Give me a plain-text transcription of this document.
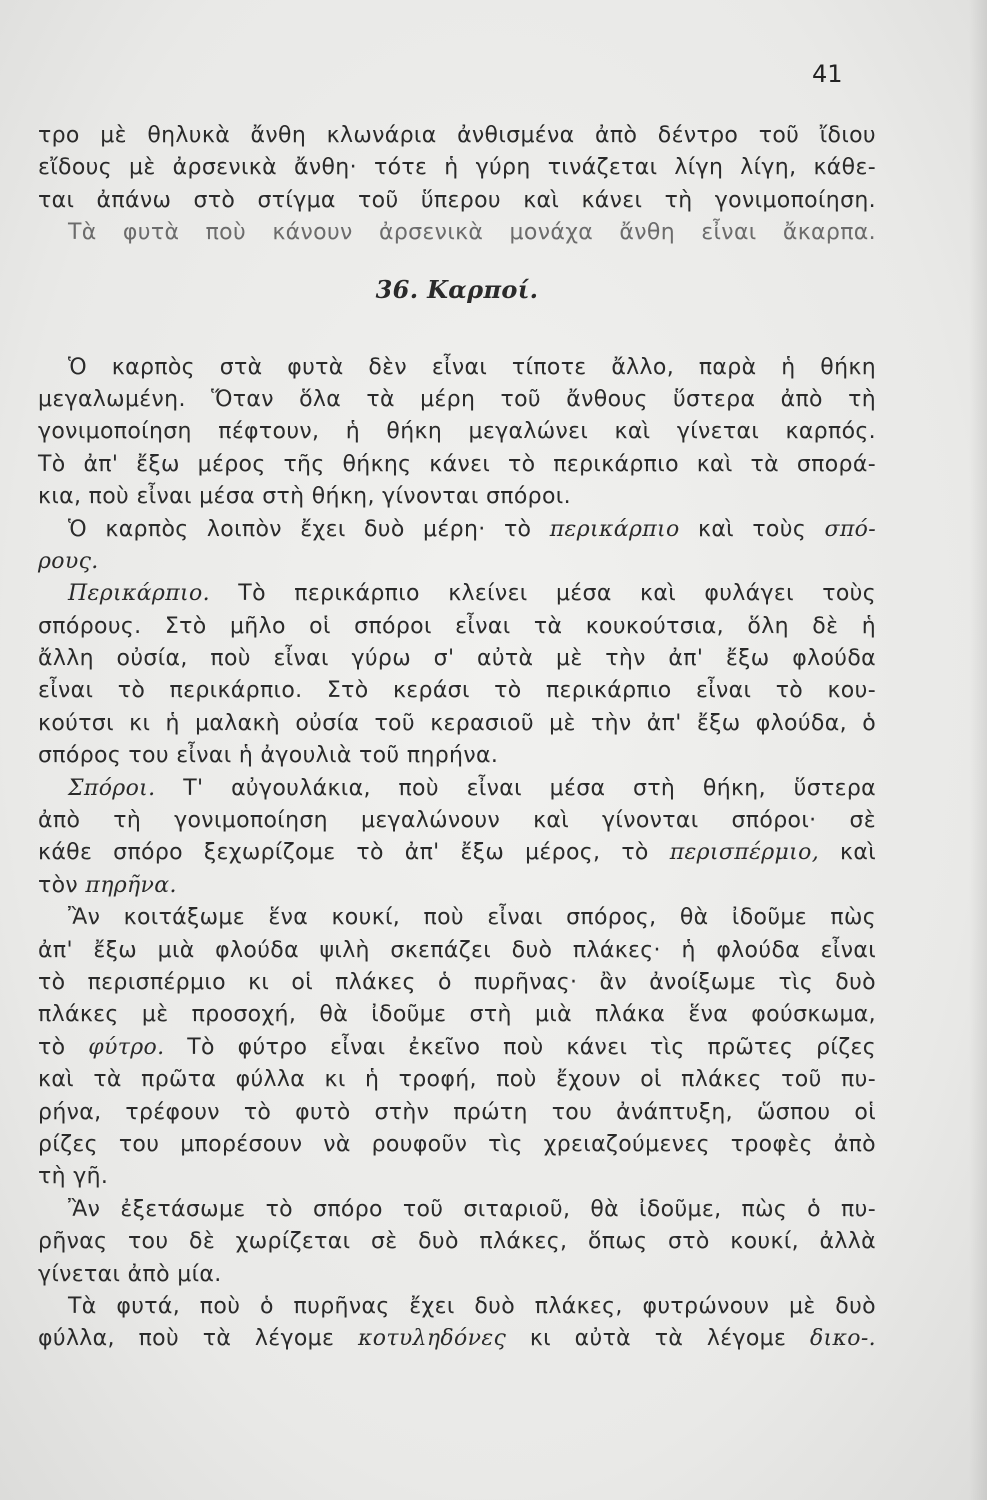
41
τρο μὲ θηλυκὰ ἄνθη κλωνάρια ἀνθισμένα ἀπὸ δέντρο τοῦ ἴδιου
εἴδους μὲ ἀρσενικὰ ἄνθη· τότε ἡ γύρη τινάζεται λίγη λίγη, κάθε-
ται ἀπάνω στὸ στίγμα τοῦ ὕπερου καὶ κάνει τὴ γονιμοποίηση.
Τὰ φυτὰ ποὺ κάνουν ἀρσενικὰ μονάχα ἄνθη εἶναι ἄκαρπα.
36. Καρποί.
Ὁ καρπὸς στὰ φυτὰ δὲν εἶναι τίποτε ἄλλο, παρὰ ἡ θήκη
μεγαλωμένη. Ὅταν ὅλα τὰ μέρη τοῦ ἄνθους ὕστερα ἀπὸ τὴ
γονιμοποίηση πέφτουν, ἡ θήκη μεγαλώνει καὶ γίνεται καρπός.
Τὸ ἀπ' ἔξω μέρος τῆς θήκης κάνει τὸ περικάρπιο καὶ τὰ σπορά-
κια, ποὺ εἶναι μέσα στὴ θήκη, γίνονται σπόροι.
Ὁ καρπὸς λοιπὸν ἔχει δυὸ μέρη· τὸ περικάρπιο καὶ τοὺς σπό-
ρους.
Περικάρπιο. Τὸ περικάρπιο κλείνει μέσα καὶ φυλάγει τοὺς
σπόρους. Στὸ μῆλο οἱ σπόροι εἶναι τὰ κουκούτσια, ὅλη δὲ ἡ
ἄλλη οὐσία, ποὺ εἶναι γύρω σ' αὐτὰ μὲ τὴν ἀπ' ἔξω φλούδα
εἶναι τὸ περικάρπιο. Στὸ κεράσι τὸ περικάρπιο εἶναι τὸ κου-
κούτσι κι ἡ μαλακὴ οὐσία τοῦ κερασιοῦ μὲ τὴν ἀπ' ἔξω φλούδα, ὁ
σπόρος του εἶναι ἡ ἀγουλιὰ τοῦ πηρήνα.
Σπόροι. Τ' αὐγουλάκια, ποὺ εἶναι μέσα στὴ θήκη, ὕστερα
ἀπὸ τὴ γονιμοποίηση μεγαλώνουν καὶ γίνονται σπόροι· σὲ
κάθε σπόρο ξεχωρίζομε τὸ ἀπ' ἔξω μέρος, τὸ περισπέρμιο, καὶ
τὸν πηρῆνα.
Ἂν κοιτάξωμε ἕνα κουκί, ποὺ εἶναι σπόρος, θὰ ἰδοῦμε πὼς
ἀπ' ἔξω μιὰ φλούδα ψιλὴ σκεπάζει δυὸ πλάκες· ἡ φλούδα εἶναι
τὸ περισπέρμιο κι οἱ πλάκες ὁ πυρῆνας· ἂν ἀνοίξωμε τὶς δυὸ
πλάκες μὲ προσοχή, θὰ ἰδοῦμε στὴ μιὰ πλάκα ἕνα φούσκωμα,
τὸ φύτρο. Τὸ φύτρο εἶναι ἐκεῖνο ποὺ κάνει τὶς πρῶτες ρίζες
καὶ τὰ πρῶτα φύλλα κι ἡ τροφή, ποὺ ἔχουν οἱ πλάκες τοῦ πυ-
ρήνα, τρέφουν τὸ φυτὸ στὴν πρώτη του ἀνάπτυξη, ὥσπου οἱ
ρίζες του μπορέσουν νὰ ρουφοῦν τὶς χρειαζούμενες τροφὲς ἀπὸ
τὴ γῆ.
Ἂν ἐξετάσωμε τὸ σπόρο τοῦ σιταριοῦ, θὰ ἰδοῦμε, πὼς ὁ πυ-
ρῆνας του δὲ χωρίζεται σὲ δυὸ πλάκες, ὅπως στὸ κουκί, ἀλλὰ
γίνεται ἀπὸ μία.
Τὰ φυτά, ποὺ ὁ πυρῆνας ἔχει δυὸ πλάκες, φυτρώνουν μὲ δυὸ
φύλλα, ποὺ τὰ λέγομε κοτυληδόνες κι αὐτὰ τὰ λέγομε δικο-.
